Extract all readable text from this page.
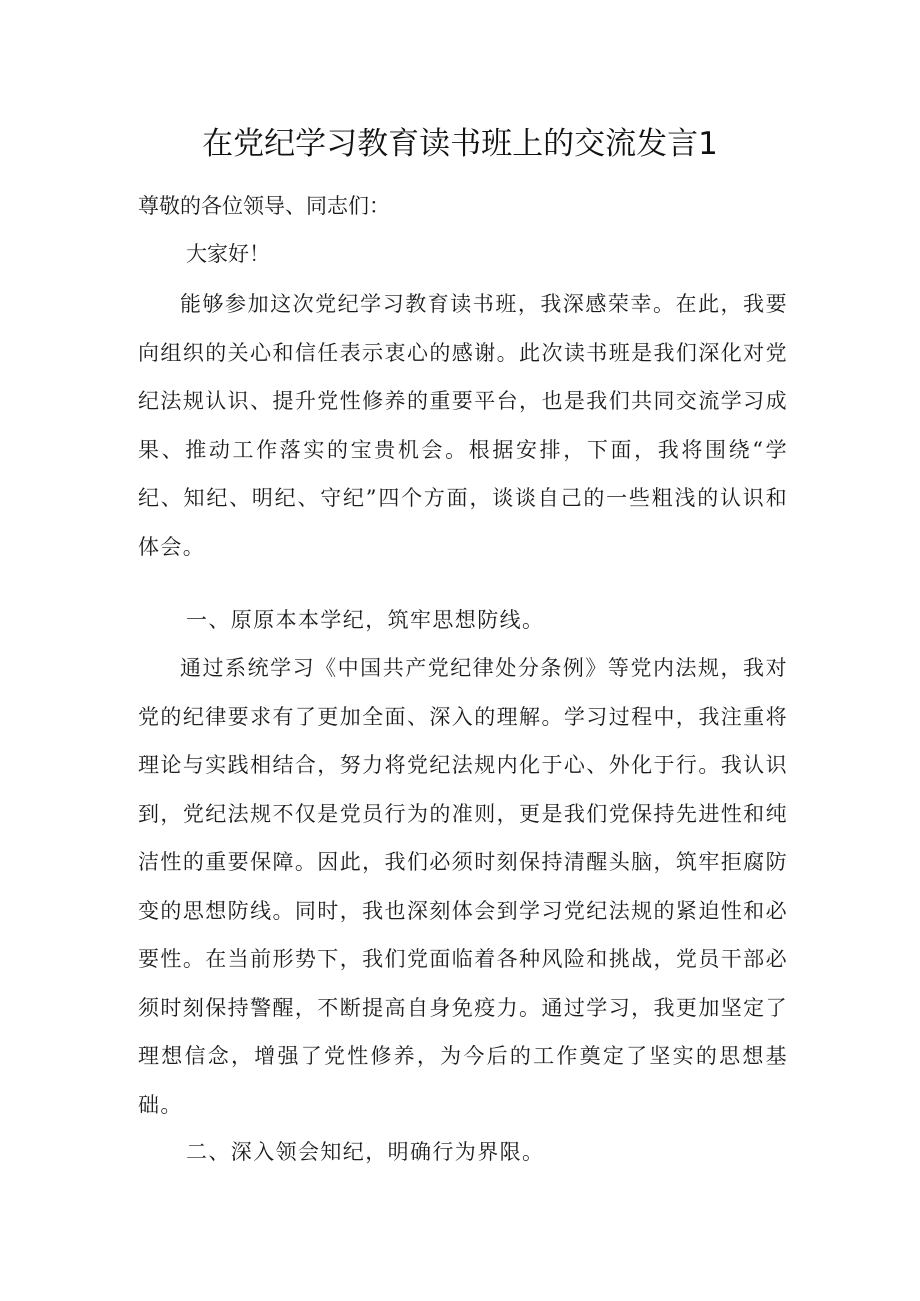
在党纪学习教育读书班上的交流发言1

尊敬的各位领导、同志们：

大家好！

能够参加这次党纪学习教育读书班，我深感荣幸。在此，我要向组织的关心和信任表示衷心的感谢。此次读书班是我们深化对党纪法规认识、提升党性修养的重要平台，也是我们共同交流学习成果、推动工作落实的宝贵机会。根据安排，下面，我将围绕“学纪、知纪、明纪、守纪”四个方面，谈谈自己的一些粗浅的认识和体会。

一、原原本本学纪，筑牢思想防线。

通过系统学习《中国共产党纪律处分条例》等党内法规，我对党的纪律要求有了更加全面、深入的理解。学习过程中，我注重将理论与实践相结合，努力将党纪法规内化于心、外化于行。我认识到，党纪法规不仅是党员行为的准则，更是我们党保持先进性和纯洁性的重要保障。因此，我们必须时刻保持清醒头脑，筑牢拒腐防变的思想防线。同时，我也深刻体会到学习党纪法规的紧迫性和必要性。在当前形势下，我们党面临着各种风险和挑战，党员干部必须时刻保持警醒，不断提高自身免疫力。通过学习，我更加坚定了理想信念，增强了党性修养，为今后的工作奠定了坚实的思想基础。

二、深入领会知纪，明确行为界限。
